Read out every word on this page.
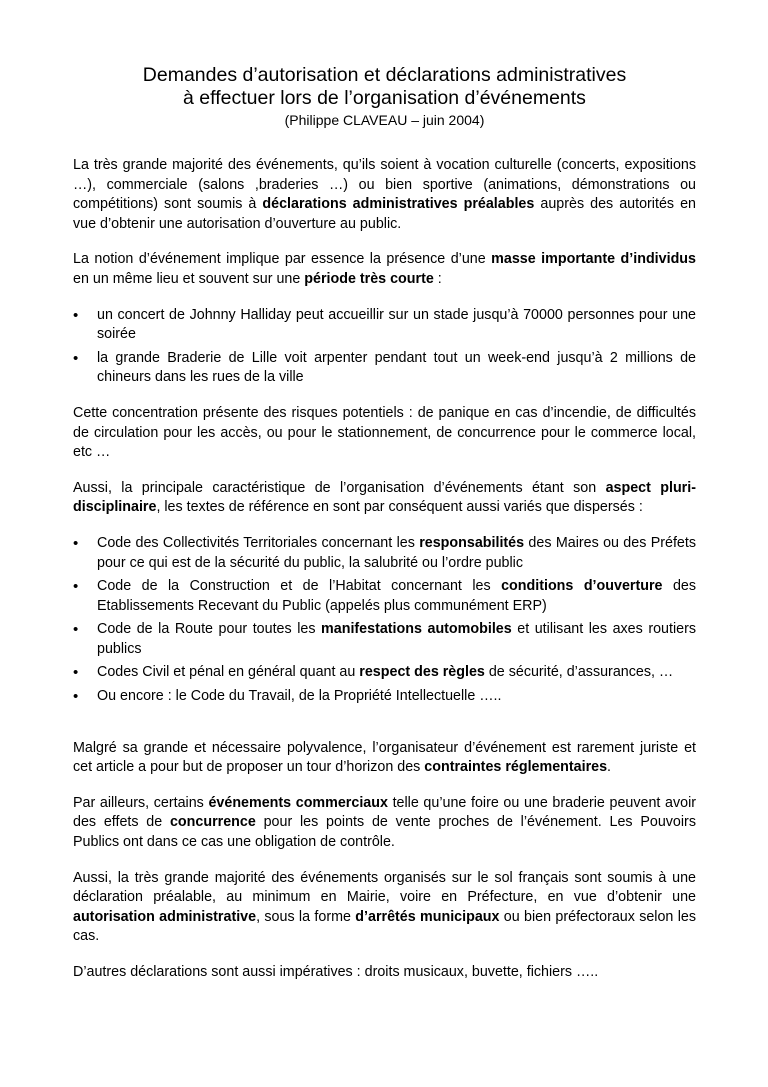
Demandes d’autorisation et déclarations administratives
à effectuer lors de l’organisation d’événements
(Philippe CLAVEAU – juin 2004)

La très grande majorité des événements, qu’ils soient à vocation culturelle (concerts, expositions …), commerciale (salons ,braderies …) ou bien sportive (animations, démonstrations ou compétitions) sont soumis à déclarations administratives préalables auprès des autorités en vue d’obtenir une autorisation d’ouverture au public.

La notion d’événement implique par essence la présence d’une masse importante d’individus en un même lieu et souvent sur une période très courte :

• un concert de Johnny Halliday peut accueillir sur un stade jusqu’à 70000 personnes pour une soirée
• la grande Braderie de Lille voit arpenter pendant tout un week-end jusqu’à 2 millions de chineurs dans les rues de la ville

Cette concentration présente des risques potentiels : de panique en cas d’incendie, de difficultés de circulation pour les accès, ou pour le stationnement, de concurrence pour le commerce local, etc …

Aussi, la principale caractéristique de l’organisation d’événements étant son aspect pluri-disciplinaire, les textes de référence en sont par conséquent aussi variés que dispersés :

• Code des Collectivités Territoriales concernant les responsabilités des Maires ou des Préfets pour ce qui est de la sécurité du public, la salubrité ou l’ordre public
• Code de la Construction et de l’Habitat concernant les conditions d’ouverture des Etablissements Recevant du Public (appelés plus communément ERP)
• Code de la Route pour toutes les manifestations automobiles et utilisant les axes routiers publics
• Codes Civil et pénal en général quant au respect des règles de sécurité, d’assurances, …
• Ou encore : le Code du Travail, de la Propriété Intellectuelle …..

Malgré sa grande et nécessaire polyvalence, l’organisateur d’événement est rarement juriste et cet article a pour but de proposer un tour d’horizon des contraintes réglementaires.

Par ailleurs, certains événements commerciaux telle qu’une foire ou une braderie peuvent avoir des effets de concurrence pour les points de vente proches de l’événement. Les Pouvoirs Publics ont dans ce cas une obligation de contrôle.

Aussi, la très grande majorité des événements organisés sur le sol français sont soumis à une déclaration préalable, au minimum en Mairie, voire en Préfecture, en vue d’obtenir une autorisation administrative, sous la forme d’arrêtés municipaux ou bien préfectoraux selon les cas.

D’autres déclarations sont aussi impératives : droits musicaux, buvette, fichiers …..
